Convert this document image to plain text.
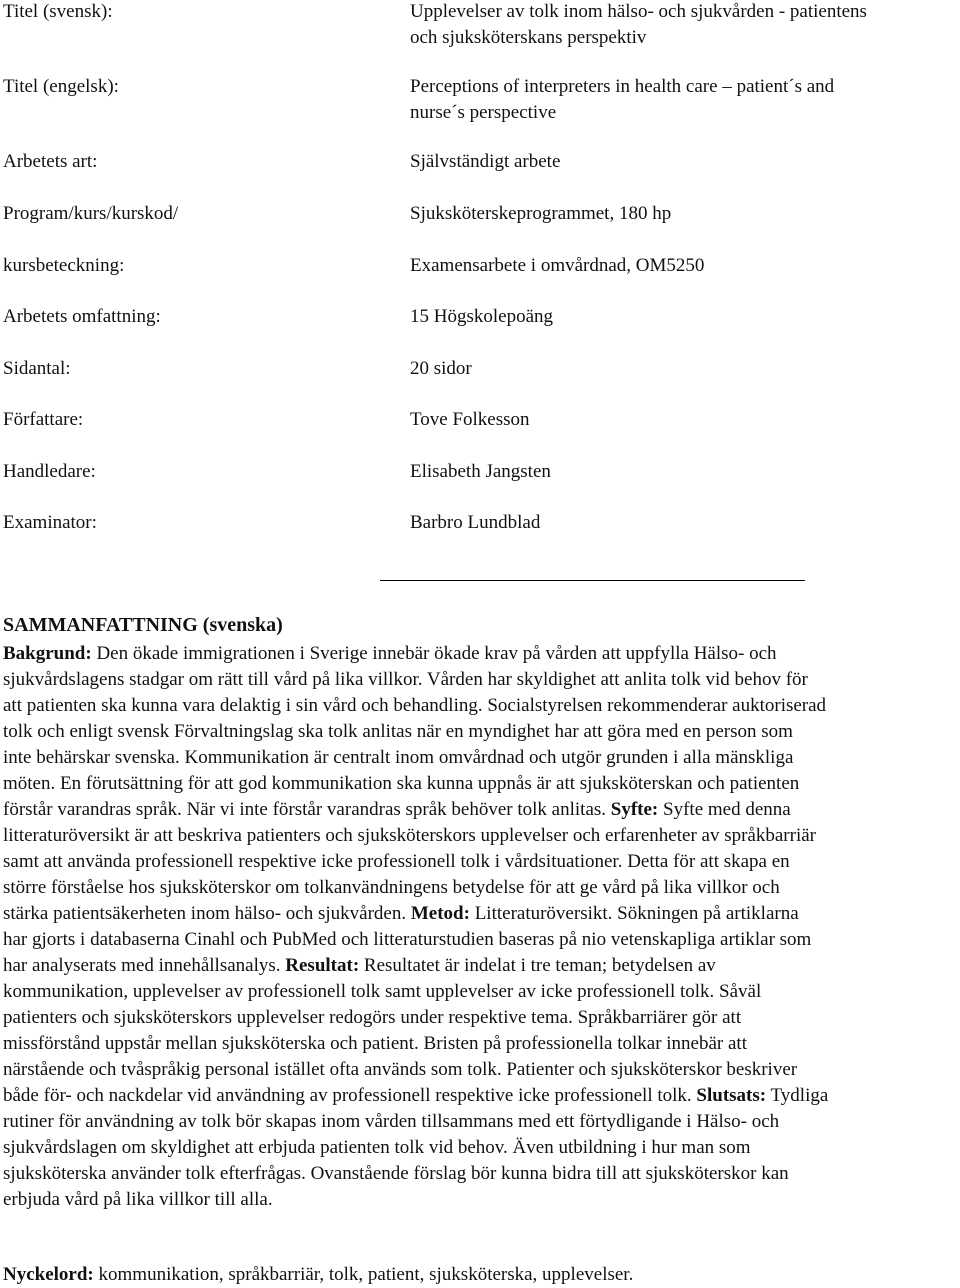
Titel (svensk):	Upplevelser av tolk inom hälso- och sjukvården - patientens
och sjuksköterskans perspektiv
Titel (engelsk):	Perceptions of interpreters in health care – patient´s and
nurse´s perspective
Arbetets art:	Självständigt arbete
Program/kurs/kurskod/	Sjuksköterskeprogrammet, 180 hp
kursbeteckning:	Examensarbete i omvårdnad, OM5250
Arbetets omfattning:	15 Högskolepoäng
Sidantal:	20 sidor
Författare:	Tove Folkesson
Handledare:	Elisabeth Jangsten
Examinator:	Barbro Lundblad
SAMMANFATTNING (svenska)
Bakgrund: Den ökade immigrationen i Sverige innebär ökade krav på vården att uppfylla Hälso- och
sjukvårdslagens stadgar om rätt till vård på lika villkor. Vården har skyldighet att anlita tolk vid behov för
att patienten ska kunna vara delaktig i sin vård och behandling. Socialstyrelsen rekommenderar auktoriserad
tolk och enligt svensk Förvaltningslag ska tolk anlitas när en myndighet har att göra med en person som
inte behärskar svenska. Kommunikation är centralt inom omvårdnad och utgör grunden i alla mänskliga
möten. En förutsättning för att god kommunikation ska kunna uppnås är att sjuksköterskan och patienten
förstår varandras språk. När vi inte förstår varandras språk behöver tolk anlitas. Syfte: Syfte med denna
litteraturöversikt är att beskriva patienters och sjuksköterskors upplevelser och erfarenheter av språkbarriär
samt att använda professionell respektive icke professionell tolk i vårdsituationer. Detta för att skapa en
större förståelse hos sjuksköterskor om tolkanvändningens betydelse för att ge vård på lika villkor och
stärka patientsäkerheten inom hälso- och sjukvården. Metod: Litteraturöversikt. Sökningen på artiklarna
har gjorts i databaserna Cinahl och PubMed och litteraturstudien baseras på nio vetenskapliga artiklar som
har analyserats med innehållsanalys. Resultat: Resultatet är indelat i tre teman; betydelsen av
kommunikation, upplevelser av professionell tolk samt upplevelser av icke professionell tolk. Såväl
patienters och sjuksköterskors upplevelser redogörs under respektive tema. Språkbarriärer gör att
missförstånd uppstår mellan sjuksköterska och patient. Bristen på professionella tolkar innebär att
närstående och tvåspråkig personal istället ofta används som tolk. Patienter och sjuksköterskor beskriver
både för- och nackdelar vid användning av professionell respektive icke professionell tolk. Slutsats: Tydliga
rutiner för användning av tolk bör skapas inom vården tillsammans med ett förtydligande i Hälso- och
sjukvårdslagen om skyldighet att erbjuda patienten tolk vid behov. Även utbildning i hur man som
sjuksköterska använder tolk efterfrågas. Ovanstående förslag bör kunna bidra till att sjuksköterskor kan
erbjuda vård på lika villkor till alla.
Nyckelord: kommunikation, språkbarriär, tolk, patient, sjuksköterska, upplevelser.
